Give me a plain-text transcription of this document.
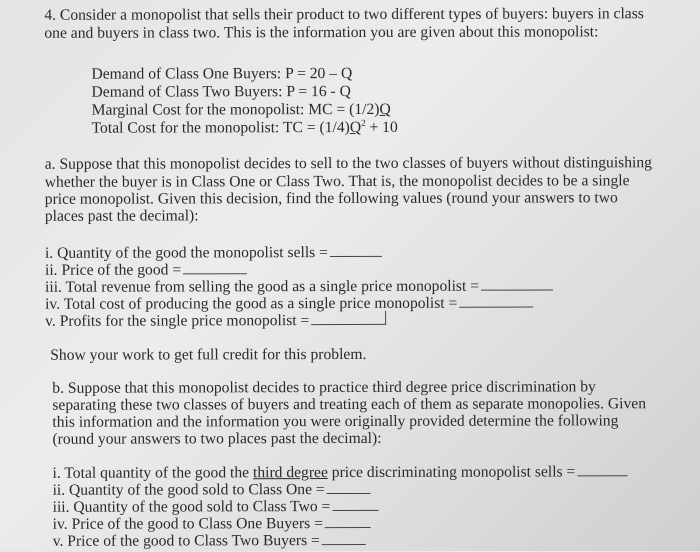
4. Consider a monopolist that sells their product to two different types of buyers: buyers in class
one and buyers in class two. This is the information you are given about this monopolist:
Demand of Class One Buyers: P = 20 – Q
Demand of Class Two Buyers: P = 16 - Q
Marginal Cost for the monopolist: MC = (1/2)Q
Total Cost for the monopolist: TC = $(1/4)Q^2 + 10$
a. Suppose that this monopolist decides to sell to the two classes of buyers without distinguishing
whether the buyer is in Class One or Class Two. That is, the monopolist decides to be a single
price monopolist. Given this decision, find the following values (round your answers to two
places past the decimal):
i. Quantity of the good the monopolist sells =
ii. Price of the good =
iii. Total revenue from selling the good as a single price monopolist =
iv. Total cost of producing the good as a single price monopolist =
v. Profits for the single price monopolist =
Show your work to get full credit for this problem.
b. Suppose that this monopolist decides to practice third degree price discrimination by
separating these two classes of buyers and treating each of them as separate monopolies. Given
this information and the information you were originally provided determine the following
(round your answers to two places past the decimal):
i. Total quantity of the good the third degree price discriminating monopolist sells =
ii. Quantity of the good sold to Class One =
iii. Quantity of the good sold to Class Two =
iv. Price of the good to Class One Buyers =
v. Price of the good to Class Two Buyers =
